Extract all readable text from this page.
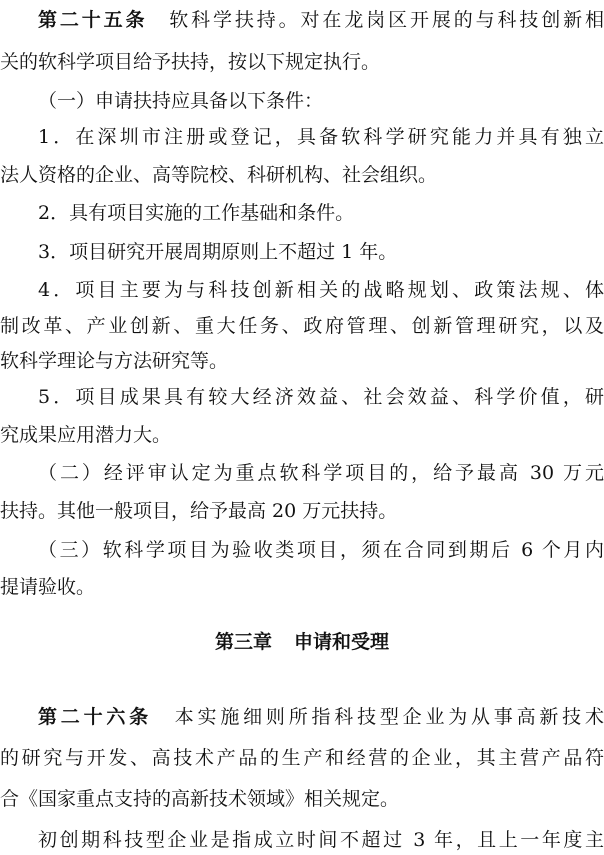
第二十五条　软科学扶持。对在龙岗区开展的与科技创新相
关的软科学项目给予扶持，按以下规定执行。
（一）申请扶持应具备以下条件：
1．在深圳市注册或登记，具备软科学研究能力并具有独立
法人资格的企业、高等院校、科研机构、社会组织。
2．具有项目实施的工作基础和条件。
3．项目研究开展周期原则上不超过 1 年。
4．项目主要为与科技创新相关的战略规划、政策法规、体
制改革、产业创新、重大任务、政府管理、创新管理研究，以及
软科学理论与方法研究等。
5．项目成果具有较大经济效益、社会效益、科学价值，研
究成果应用潜力大。
（二）经评审认定为重点软科学项目的，给予最高 30 万元
扶持。其他一般项目，给予最高 20 万元扶持。
（三）软科学项目为验收类项目，须在合同到期后 6 个月内
提请验收。
第三章 申请和受理
第二十六条　本实施细则所指科技型企业为从事高新技术
的研究与开发、高技术产品的生产和经营的企业，其主营产品符
合《国家重点支持的高新技术领域》相关规定。
初创期科技型企业是指成立时间不超过 3 年，且上一年度主
